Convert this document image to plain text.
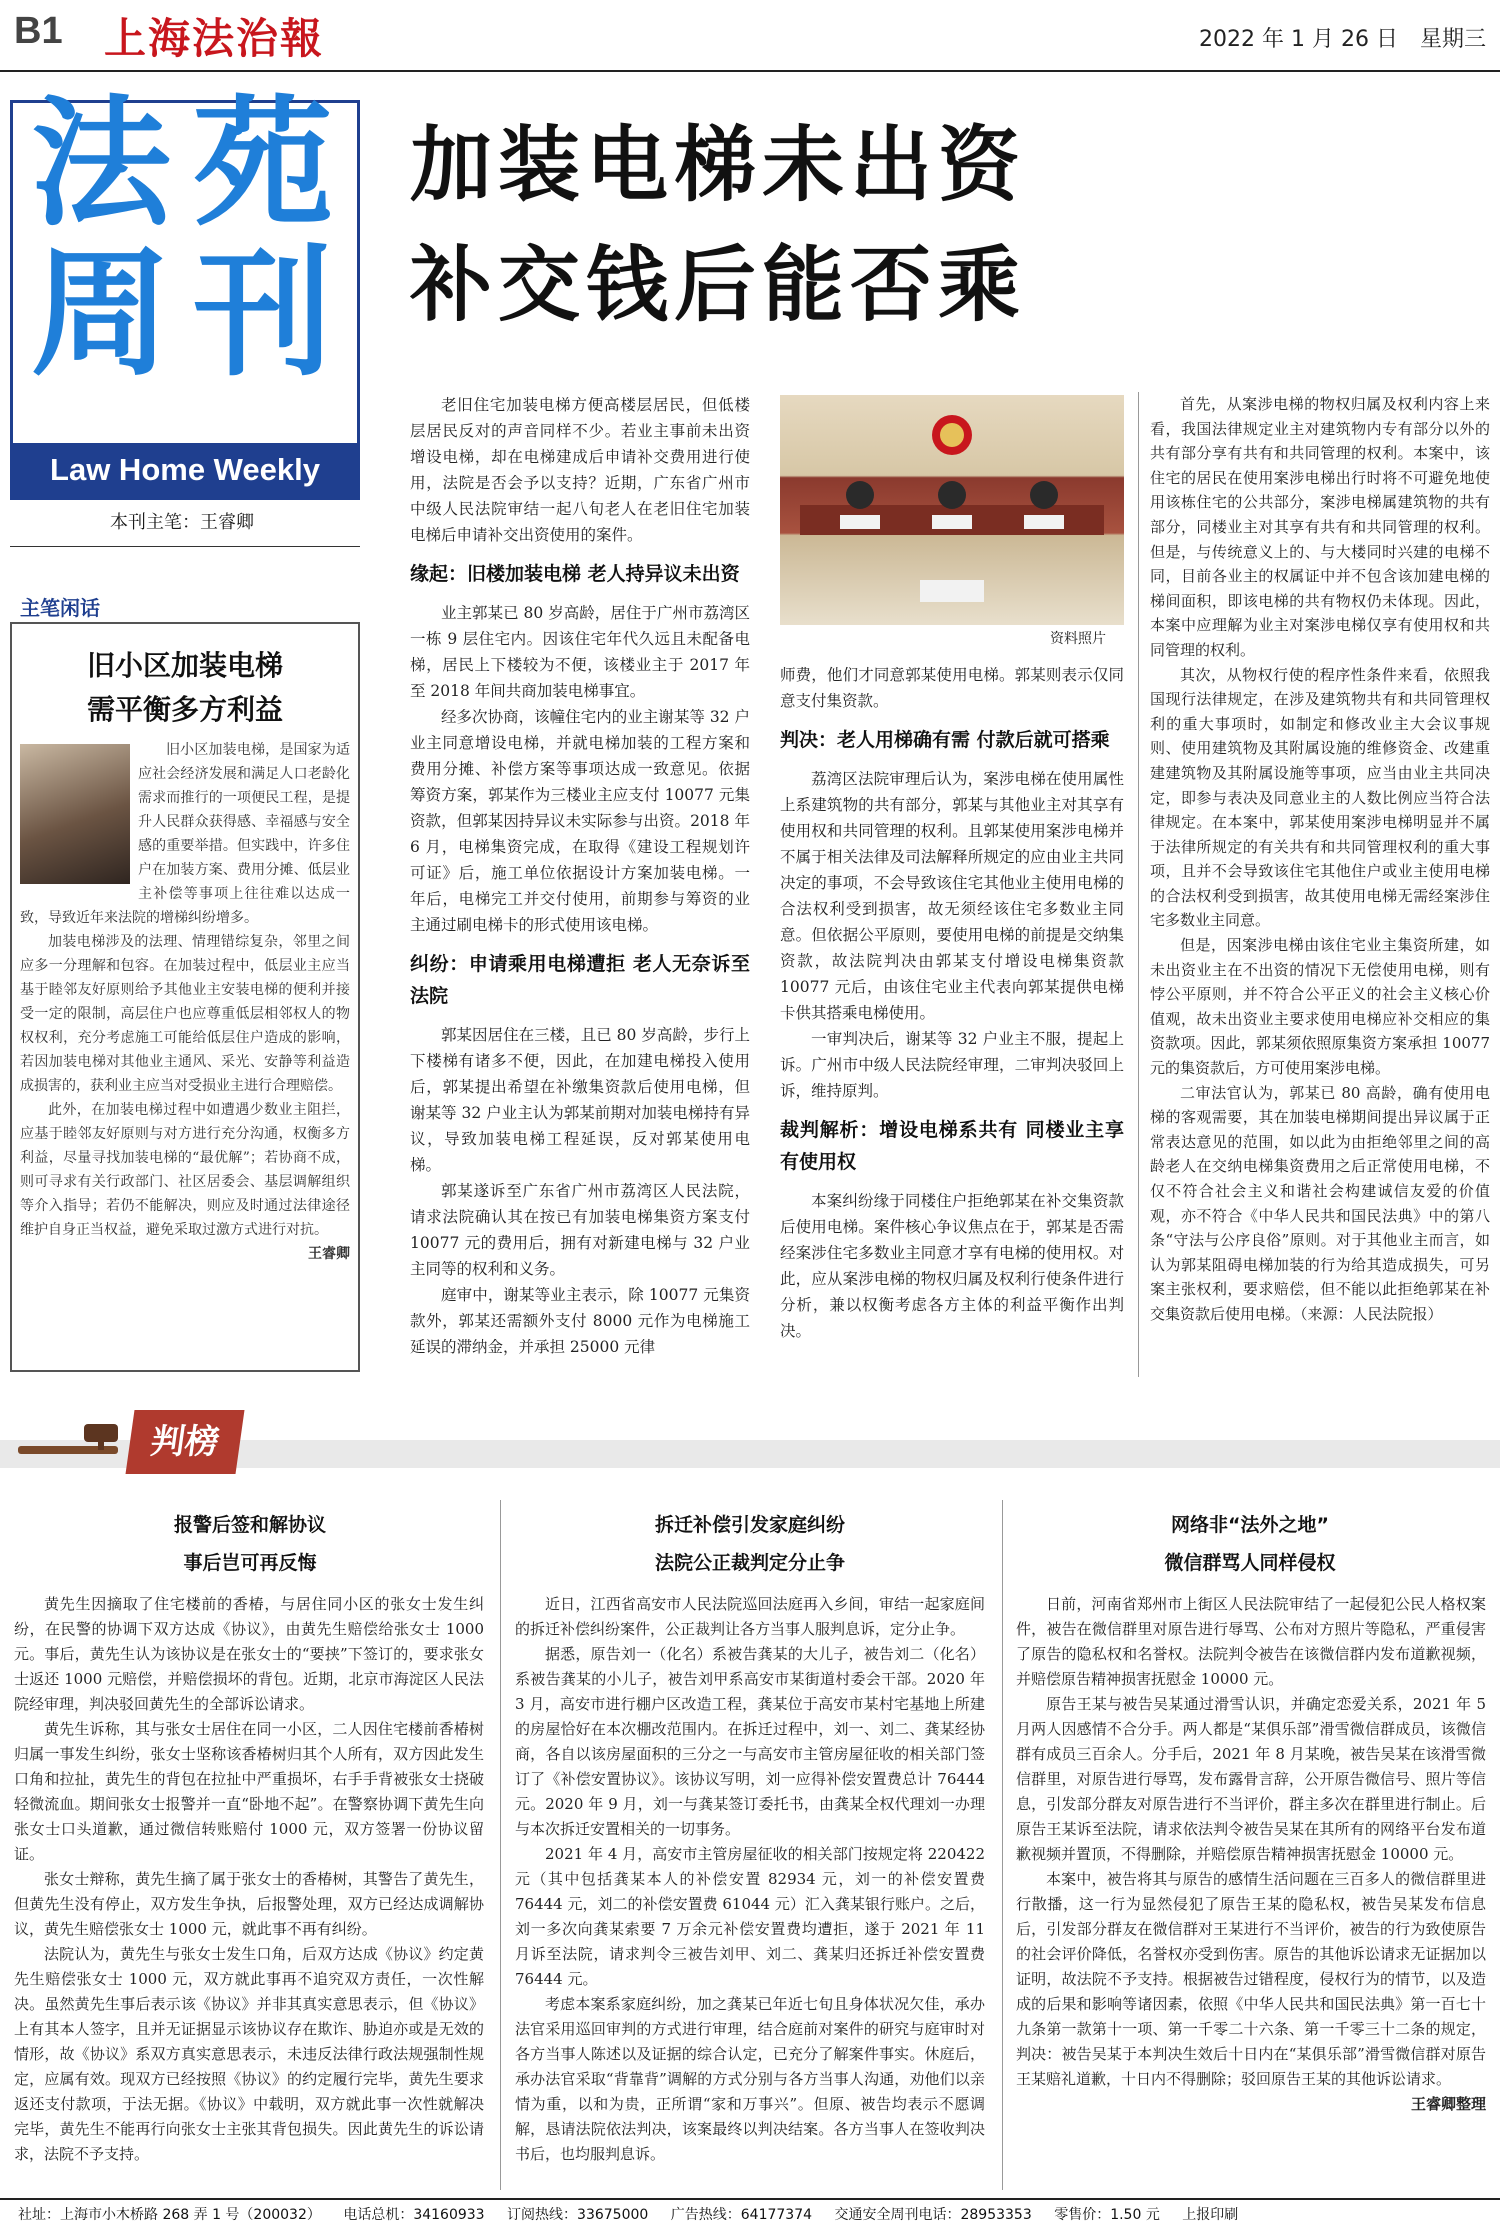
B1 上海法治報	2022 年 1 月 26 日　星期三
法 苑
周 刊
Law Home Weekly
本刊主笔：王睿卿
加装电梯未出资
补交钱后能否乘
主笔闲话
旧小区加装电梯
需平衡多方利益

旧小区加装电梯，是国家为适应社会经济发展和满足人口老龄化需求而推行的一项便民工程，是提升人民群众获得感、幸福感与安全感的重要举措。但实践中，许多住户在加装方案、费用分摊、低层业主补偿等事项上往往难以达成一致，导致近年来法院的增梯纠纷增多。

加装电梯涉及的法理、情理错综复杂，邻里之间应多一分理解和包容。在加装过程中，低层业主应当基于睦邻友好原则给予其他业主安装电梯的便利并接受一定的限制，高层住户也应尊重低层相邻权人的物权权利，充分考虑施工可能给低层住户造成的影响，若因加装电梯对其他业主通风、采光、安静等利益造成损害的，获利业主应当对受损业主进行合理赔偿。

此外，在加装电梯过程中如遭遇少数业主阻拦，应基于睦邻友好原则与对方进行充分沟通，权衡多方利益，尽量寻找加装电梯的“最优解”；若协商不成，则可寻求有关行政部门、社区居委会、基层调解组织等介入指导；若仍不能解决，则应及时通过法律途径维护自身正当权益，避免采取过激方式进行对抗。

王睿卿

老旧住宅加装电梯方便高楼层居民，但低楼层居民反对的声音同样不少。若业主事前未出资增设电梯，却在电梯建成后申请补交费用进行使用，法院是否会予以支持？近期，广东省广州市中级人民法院审结一起八旬老人在老旧住宅加装电梯后申请补交出资使用的案件。

缘起：旧楼加装电梯 老人持异议未出资

业主郭某已 80 岁高龄，居住于广州市荔湾区一栋 9 层住宅内。因该住宅年代久远且未配备电梯，居民上下楼较为不便，该楼业主于 2017 年至 2018 年间共商加装电梯事宜。

经多次协商，该幢住宅内的业主谢某等 32 户业主同意增设电梯，并就电梯加装的工程方案和费用分摊、补偿方案等事项达成一致意见。依据筹资方案，郭某作为三楼业主应支付 10077 元集资款，但郭某因持异议未实际参与出资。2018 年 6 月，电梯集资完成，在取得《建设工程规划许可证》后，施工单位依据设计方案加装电梯。一年后，电梯完工并交付使用，前期参与筹资的业主通过刷电梯卡的形式使用该电梯。

纠纷：申请乘用电梯遭拒 老人无奈诉至法院

郭某因居住在三楼，且已 80 岁高龄，步行上下楼梯有诸多不便，因此，在加建电梯投入使用后，郭某提出希望在补缴集资款后使用电梯，但谢某等 32 户业主认为郭某前期对加装电梯持有异议，导致加装电梯工程延误，反对郭某使用电梯。

郭某遂诉至广东省广州市荔湾区人民法院，请求法院确认其在按已有加装电梯集资方案支付 10077 元的费用后，拥有对新建电梯与 32 户业主同等的权利和义务。

庭审中，谢某等业主表示，除 10077 元集资款外，郭某还需额外支付 8000 元作为电梯施工延误的滞纳金，并承担 25000 元律

资料照片

师费，他们才同意郭某使用电梯。郭某则表示仅同意支付集资款。

判决：老人用梯确有需 付款后就可搭乘

荔湾区法院审理后认为，案涉电梯在使用属性上系建筑物的共有部分，郭某与其他业主对其享有使用权和共同管理的权利。且郭某使用案涉电梯并不属于相关法律及司法解释所规定的应由业主共同决定的事项，不会导致该住宅其他业主使用电梯的合法权利受到损害，故无须经该住宅多数业主同意。但依据公平原则，要使用电梯的前提是交纳集资款，故法院判决由郭某支付增设电梯集资款 10077 元后，由该住宅业主代表向郭某提供电梯卡供其搭乘电梯使用。

一审判决后，谢某等 32 户业主不服，提起上诉。广州市中级人民法院经审理，二审判决驳回上诉，维持原判。

裁判解析：增设电梯系共有 同楼业主享有使用权

本案纠纷缘于同楼住户拒绝郭某在补交集资款后使用电梯。案件核心争议焦点在于，郭某是否需经案涉住宅多数业主同意才享有电梯的使用权。对此，应从案涉电梯的物权归属及权利行使条件进行分析，兼以权衡考虑各方主体的利益平衡作出判决。

首先，从案涉电梯的物权归属及权利内容上来看，我国法律规定业主对建筑物内专有部分以外的共有部分享有共有和共同管理的权利。本案中，该住宅的居民在使用案涉电梯出行时将不可避免地使用该栋住宅的公共部分，案涉电梯属建筑物的共有部分，同楼业主对其享有共有和共同管理的权利。但是，与传统意义上的、与大楼同时兴建的电梯不同，目前各业主的权属证中并不包含该加建电梯的梯间面积，即该电梯的共有物权仍未体现。因此，本案中应理解为业主对案涉电梯仅享有使用权和共同管理的权利。

其次，从物权行使的程序性条件来看，依照我国现行法律规定，在涉及建筑物共有和共同管理权利的重大事项时，如制定和修改业主大会议事规则、使用建筑物及其附属设施的维修资金、改建重建建筑物及其附属设施等事项，应当由业主共同决定，即参与表决及同意业主的人数比例应当符合法律规定。在本案中，郭某使用案涉电梯明显并不属于法律所规定的有关共有和共同管理权利的重大事项，且并不会导致该住宅其他住户或业主使用电梯的合法权利受到损害，故其使用电梯无需经案涉住宅多数业主同意。

但是，因案涉电梯由该住宅业主集资所建，如未出资业主在不出资的情况下无偿使用电梯，则有悖公平原则，并不符合公平正义的社会主义核心价值观，故未出资业主要求使用电梯应补交相应的集资款项。因此，郭某须依照原集资方案承担 10077 元的集资款后，方可使用案涉电梯。

二审法官认为，郭某已 80 高龄，确有使用电梯的客观需要，其在加装电梯期间提出异议属于正常表达意见的范围，如以此为由拒绝邻里之间的高龄老人在交纳电梯集资费用之后正常使用电梯，不仅不符合社会主义和谐社会构建诚信友爱的价值观，亦不符合《中华人民共和国民法典》中的第八条“守法与公序良俗”原则。对于其他业主而言，如认为郭某阻碍电梯加装的行为给其造成损失，可另案主张权利，要求赔偿，但不能以此拒绝郭某在补交集资款后使用电梯。（来源：人民法院报）

判榜
报警后签和解协议
事后岂可再反悔

黄先生因摘取了住宅楼前的香椿，与居住同小区的张女士发生纠纷，在民警的协调下双方达成《协议》，由黄先生赔偿给张女士 1000 元。事后，黄先生认为该协议是在张女士的“要挟”下签订的，要求张女士返还 1000 元赔偿，并赔偿损坏的背包。近期，北京市海淀区人民法院经审理，判决驳回黄先生的全部诉讼请求。

黄先生诉称，其与张女士居住在同一小区，二人因住宅楼前香椿树归属一事发生纠纷，张女士坚称该香椿树归其个人所有，双方因此发生口角和拉扯，黄先生的背包在拉扯中严重损坏，右手手背被张女士挠破轻微流血。期间张女士报警并一直“卧地不起”。在警察协调下黄先生向张女士口头道歉，通过微信转账赔付 1000 元，双方签署一份协议留证。

张女士辩称，黄先生摘了属于张女士的香椿树，其警告了黄先生，但黄先生没有停止，双方发生争执，后报警处理，双方已经达成调解协议，黄先生赔偿张女士 1000 元，就此事不再有纠纷。

法院认为，黄先生与张女士发生口角，后双方达成《协议》约定黄先生赔偿张女士 1000 元，双方就此事再不追究双方责任，一次性解决。虽然黄先生事后表示该《协议》并非其真实意思表示，但《协议》上有其本人签字，且并无证据显示该协议存在欺诈、胁迫亦或是无效的情形，故《协议》系双方真实意思表示，未违反法律行政法规强制性规定，应属有效。现双方已经按照《协议》的约定履行完毕，黄先生要求返还支付款项，于法无据。《协议》中载明，双方就此事一次性就解决完毕，黄先生不能再行向张女士主张其背包损失。因此黄先生的诉讼请求，法院不予支持。

拆迁补偿引发家庭纠纷
法院公正裁判定分止争

近日，江西省高安市人民法院巡回法庭再入乡间，审结一起家庭间的拆迁补偿纠纷案件，公正裁判让各方当事人服判息诉，定分止争。

据悉，原告刘一（化名）系被告龚某的大儿子，被告刘二（化名）系被告龚某的小儿子，被告刘甲系高安市某街道村委会干部。2020 年 3 月，高安市进行棚户区改造工程，龚某位于高安市某村宅基地上所建的房屋恰好在本次棚改范围内。在拆迁过程中，刘一、刘二、龚某经协商，各自以该房屋面积的三分之一与高安市主管房屋征收的相关部门签订了《补偿安置协议》。该协议写明，刘一应得补偿安置费总计 76444 元。2020 年 9 月，刘一与龚某签订委托书，由龚某全权代理刘一办理与本次拆迁安置相关的一切事务。

2021 年 4 月，高安市主管房屋征收的相关部门按规定将 220422 元（其中包括龚某本人的补偿安置 82934 元，刘一的补偿安置费 76444 元，刘二的补偿安置费 61044 元）汇入龚某银行账户。之后，刘一多次向龚某索要 7 万余元补偿安置费均遭拒，遂于 2021 年 11 月诉至法院，请求判令三被告刘甲、刘二、龚某归还拆迁补偿安置费 76444 元。

考虑本案系家庭纠纷，加之龚某已年近七旬且身体状况欠佳，承办法官采用巡回审判的方式进行审理，结合庭前对案件的研究与庭审时对各方当事人陈述以及证据的综合认定，已充分了解案件事实。休庭后，承办法官采取“背靠背”调解的方式分别与各方当事人沟通，劝他们以亲情为重，以和为贵，正所谓“家和万事兴”。但原、被告均表示不愿调解，恳请法院依法判决，该案最终以判决结案。各方当事人在签收判决书后，也均服判息诉。

网络非“法外之地”
微信群骂人同样侵权

日前，河南省郑州市上街区人民法院审结了一起侵犯公民人格权案件，被告在微信群里对原告进行辱骂、公布对方照片等隐私，严重侵害了原告的隐私权和名誉权。法院判令被告在该微信群内发布道歉视频，并赔偿原告精神损害抚慰金 10000 元。

原告王某与被告吴某通过滑雪认识，并确定恋爱关系，2021 年 5 月两人因感情不合分手。两人都是“某俱乐部”滑雪微信群成员，该微信群有成员三百余人。分手后，2021 年 8 月某晚，被告吴某在该滑雪微信群里，对原告进行辱骂，发布露骨言辞，公开原告微信号、照片等信息，引发部分群友对原告进行不当评价，群主多次在群里进行制止。后原告王某诉至法院，请求依法判令被告吴某在其所有的网络平台发布道歉视频并置顶，不得删除，并赔偿原告精神损害抚慰金 10000 元。

本案中，被告将其与原告的感情生活问题在三百多人的微信群里进行散播，这一行为显然侵犯了原告王某的隐私权，被告吴某发布信息后，引发部分群友在微信群对王某进行不当评价，被告的行为致使原告的社会评价降低，名誉权亦受到伤害。原告的其他诉讼请求无证据加以证明，故法院不予支持。根据被告过错程度，侵权行为的情节，以及造成的后果和影响等诸因素，依照《中华人民共和国民法典》第一百七十九条第一款第十一项、第一千零二十六条、第一千零三十二条的规定，判决：被告吴某于本判决生效后十日内在“某俱乐部”滑雪微信群对原告王某赔礼道歉，十日内不得删除；驳回原告王某的其他诉讼请求。

王睿卿整理
社址：上海市小木桥路 268 弄 1 号（200032） 电话总机：34160933 订阅热线：33675000 广告热线：64177374 交通安全周刊电话：28953353 零售价：1.50 元 上报印刷
